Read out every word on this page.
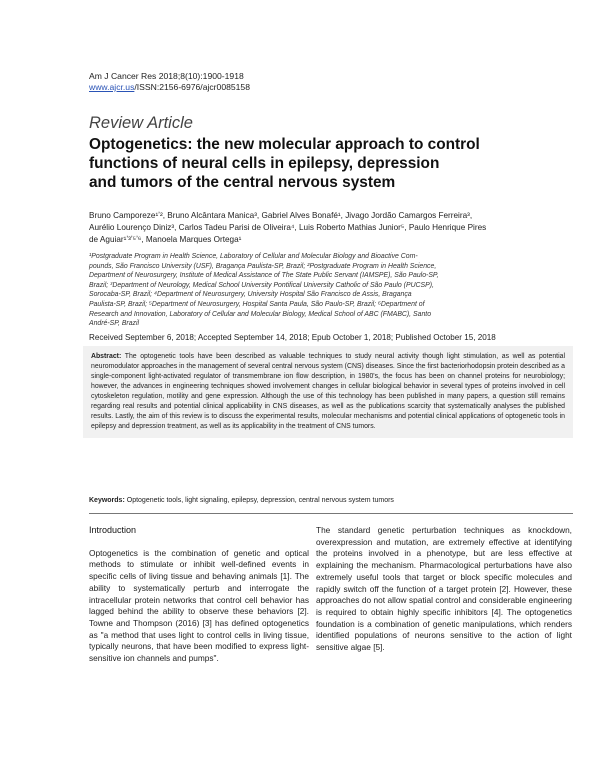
Am J Cancer Res 2018;8(10):1900-1918
www.ajcr.us/ISSN:2156-6976/ajcr0085158
Review Article
Optogenetics: the new molecular approach to control
functions of neural cells in epilepsy, depression
and tumors of the central nervous system
Bruno Camporeze¹ʼ², Bruno Alcântara Manica³, Gabriel Alves Bonafé¹, Jivago Jordão Camargos Ferreira³,
Aurélio Lourenço Diniz³, Carlos Tadeu Parisi de Oliveira⁴, Luis Roberto Mathias Junior⁵, Paulo Henrique Pires
de Aguiar¹ʼ³ʼ⁵ʼ⁶, Manoela Marques Ortega¹
¹Postgraduate Program in Health Science, Laboratory of Cellular and Molecular Biology and Bioactive Com-
pounds, São Francisco University (USF), Bragança Paulista-SP, Brazil; ²Postgraduate Program in Health Science,
Department of Neurosurgery, Institute of Medical Assistance of The State Public Servant (IAMSPE), São Paulo-SP,
Brazil; ³Department of Neurology, Medical School University Pontifical University Catholic of São Paulo (PUCSP),
Sorocaba-SP, Brazil; ⁴Department of Neurosurgery, University Hospital São Francisco de Assis, Bragança
Paulista-SP, Brazil; ⁵Department of Neurosurgery, Hospital Santa Paula, São Paulo-SP, Brazil; ⁶Department of
Research and Innovation, Laboratory of Cellular and Molecular Biology, Medical School of ABC (FMABC), Santo
André-SP, Brazil
Received September 6, 2018; Accepted September 14, 2018; Epub October 1, 2018; Published October 15, 2018
Abstract: The optogenetic tools have been described as valuable techniques to study neural activity though light stimulation, as well as potential neuromodulator approaches in the management of several central nervous system (CNS) diseases. Since the first bacteriorhodopsin protein described as a single-component light-activated regulator of transmembrane ion flow description, in 1980's, the focus has been on channel proteins for neurobiology; however, the advances in engineering techniques showed involvement changes in cellular biological behavior in several types of proteins involved in cell cytoskeleton regulation, motility and gene expression. Although the use of this technology has been published in many papers, a question still remains regarding real results and potential clinical applicability in CNS diseases, as well as the publications scarcity that systematically analyses the published results. Lastly, the aim of this review is to discuss the experimental results, molecular mechanisms and potential clinical applications of optogenetic tools in epilepsy and depression treatment, as well as its applicability in the treatment of CNS tumors.
Keywords: Optogenetic tools, light signaling, epilepsy, depression, central nervous system tumors
Introduction

Optogenetics is the combination of genetic and optical methods to stimulate or inhibit well-defined events in specific cells of living tissue and behaving animals [1]. The ability to systematically perturb and interrogate the intracellular protein networks that control cell behavior has lagged behind the ability to observe these behaviors [2]. Towne and Thompson (2016) [3] has defined optogenetics as "a method that uses light to control cells in living tissue, typically neurons, that have been modified to express light-sensitive ion channels and pumps".

The standard genetic perturbation techniques as knockdown, overexpression and mutation, are extremely effective at identifying the proteins involved in a phenotype, but are less effective at explaining the mechanism. Pharmacological perturbations have also extremely useful tools that target or block specific molecules and rapidly switch off the function of a target protein [2]. However, these approaches do not allow spatial control and considerable engineering is required to obtain highly specific inhibitors [4]. The optogenetics foundation is a combination of genetic manipulations, which renders identified populations of neurons sensitive to the action of light sensitive algae [5].
